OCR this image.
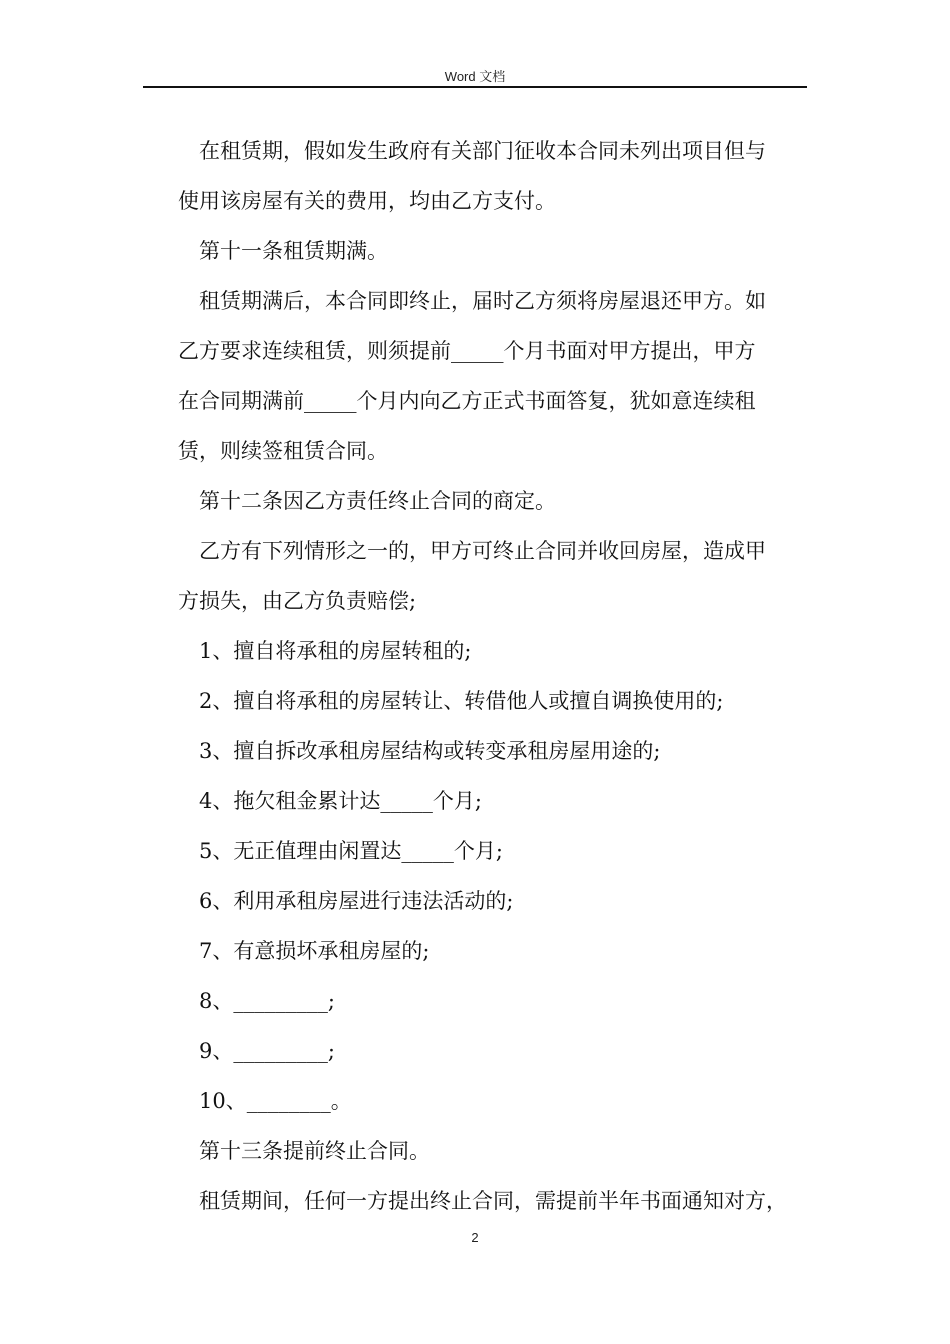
Word 文档
在租赁期，假如发生政府有关部门征收本合同未列出项目但与
使用该房屋有关的费用，均由乙方支付。
第十一条租赁期满。
租赁期满后，本合同即终止，届时乙方须将房屋退还甲方。如
乙方要求连续租赁，则须提前_____个月书面对甲方提出，甲方
在合同期满前_____个月内向乙方正式书面答复，犹如意连续租
赁，则续签租赁合同。
第十二条因乙方责任终止合同的商定。
乙方有下列情形之一的，甲方可终止合同并收回房屋，造成甲
方损失，由乙方负责赔偿;
1、擅自将承租的房屋转租的;
2、擅自将承租的房屋转让、转借他人或擅自调换使用的;
3、擅自拆改承租房屋结构或转变承租房屋用途的;
4、拖欠租金累计达_____个月;
5、无正值理由闲置达_____个月;
6、利用承租房屋进行违法活动的;
7、有意损坏承租房屋的;
8、_________;
9、_________;
10、________。
第十三条提前终止合同。
租赁期间，任何一方提出终止合同，需提前半年书面通知对方，
2
